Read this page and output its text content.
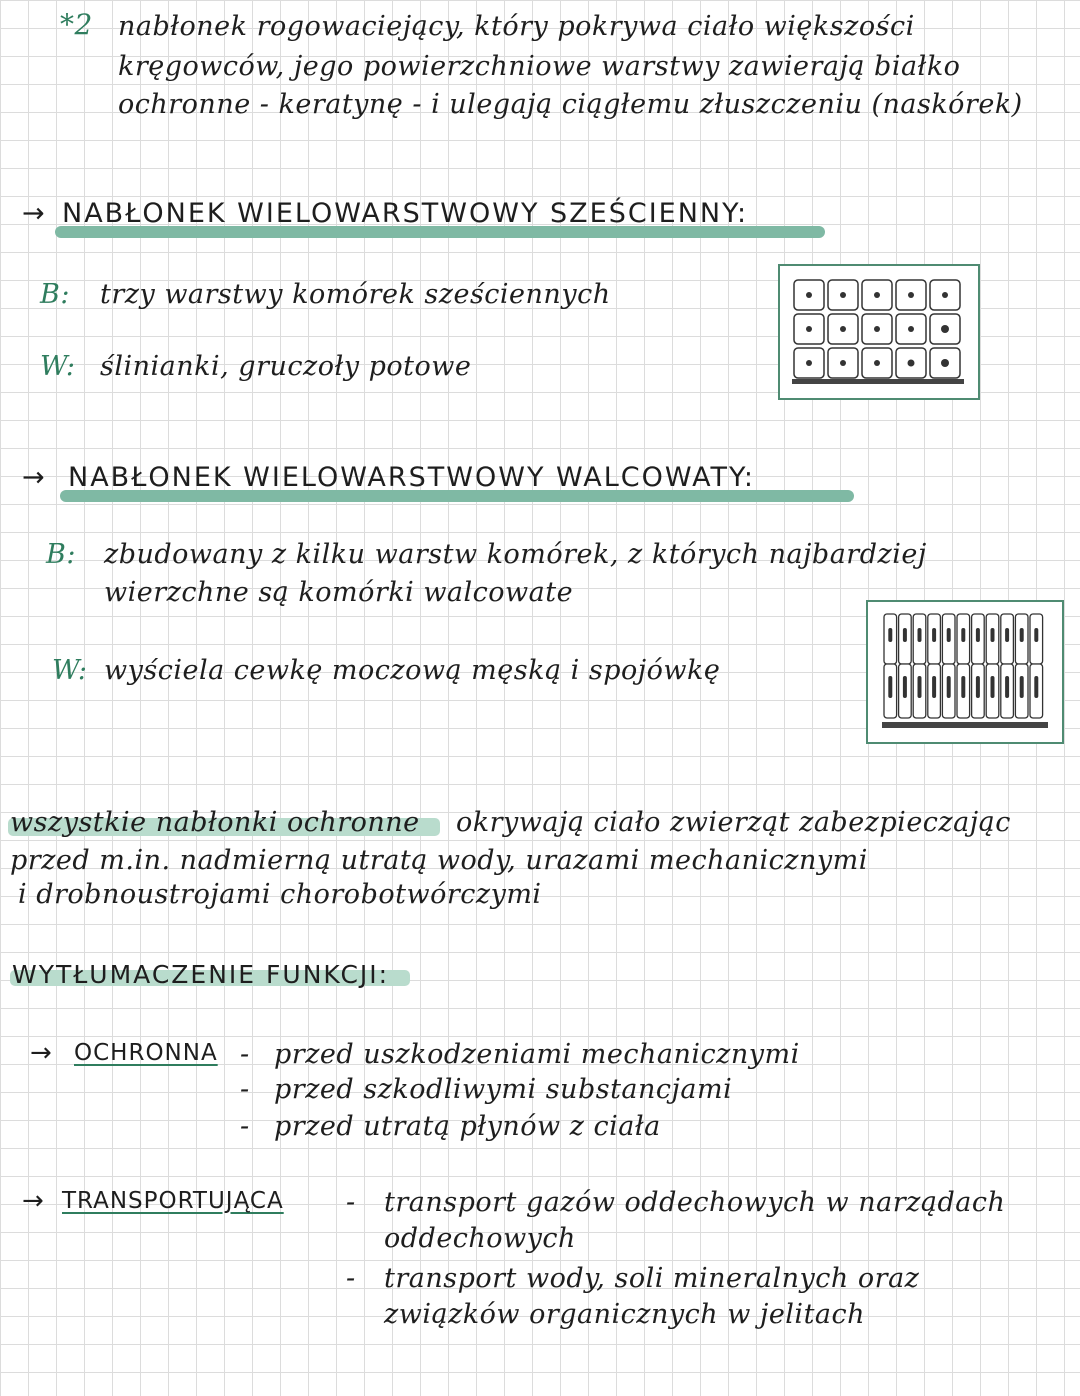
*2 nabłonek rogowaciejący, który pokrywa ciało większości
kręgowców, jego powierzchniowe warstwy zawierają białko
ochronne - keratynę - i ulegają ciągłemu złuszczeniu (naskórek)
→ NABŁONEK WIELOWARSTWOWY SZEŚCIENNY:
B: trzy warstwy komórek sześciennych
W: ślinianki, gruczoły potowe
→ NABŁONEK WIELOWARSTWOWY WALCOWATY:
B: zbudowany z kilku warstw komórek, z których najbardziej
wierzchne są komórki walcowate
W: wyściela cewkę moczową męską i spojówkę
wszystkie nabłonki ochronne okrywają ciało zwierząt zabezpieczając
przed m.in. nadmierną utratą wody, urazami mechanicznymi
i drobnoustrojami chorobotwórczymi
WYTŁUMACZENIE FUNKCJI:
→ OCHRONNA - przed uszkodzeniami mechanicznymi
- przed szkodliwymi substancjami
- przed utratą płynów z ciała
→ TRANSPORTUJĄCA - transport gazów oddechowych w narządach
oddechowych
- transport wody, soli mineralnych oraz
związków organicznych w jelitach
